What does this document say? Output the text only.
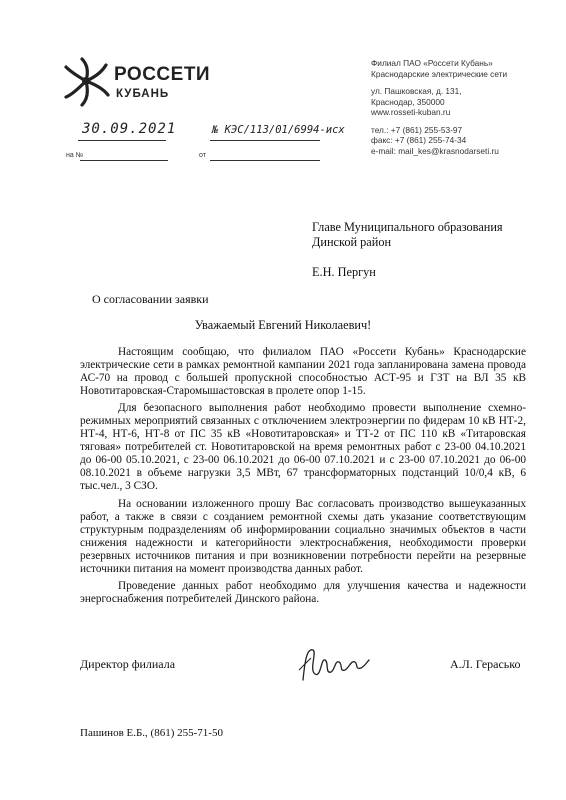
РОССЕТИ
КУБАНЬ
Филиал ПАО «Россети Кубань»
Краснодарские электрические сети
ул. Пашковская, д. 131,
Краснодар, 350000
www.rosseti-kuban.ru
тел.: +7 (861) 255-53-97
факс: +7 (861) 255-74-34
e-mail: mail_kes@krasnodarseti.ru
30.09.2021	№ КЭС/113/01/6994-исх
на №	от
Главе Муниципального образования
Динской район
Е.Н. Пергун
О согласовании заявки
Уважаемый Евгений Николаевич!

Настоящим сообщаю, что филиалом ПАО «Россети Кубань» Краснодарские электрические сети в рамках ремонтной кампании 2021 года запланирована замена провода АС-70 на провод с большей пропускной способностью АСТ-95 и ГЗТ на ВЛ 35 кВ Новотитаровская-Старомышастовская в пролете опор 1-15.

Для безопасного выполнения работ необходимо провести выполнение схемно-режимных мероприятий связанных с отключением электроэнергии по фидерам 10 кВ НТ-2, НТ-4, НТ-6, НТ-8 от ПС 35 кВ «Новотитаровская» и ТТ-2 от ПС 110 кВ «Титаровская тяговая» потребителей ст. Новотитаровской на время ремонтных работ с 23-00 04.10.2021 до 06-00 05.10.2021, с 23-00 06.10.2021 до 06-00 07.10.2021 и с 23-00 07.10.2021 до 06-00 08.10.2021 в объеме нагрузки 3,5 МВт, 67 трансформаторных подстанций 10/0,4 кВ, 6 тыс.чел., 3 СЗО.

На основании изложенного прошу Вас согласовать производство вышеуказанных работ, а также в связи с созданием ремонтной схемы дать указание соответствующим структурным подразделениям об информировании социально значимых объектов в части снижения надежности и категорийности электроснабжения, необходимости проверки резервных источников питания и при возникновении потребности перейти на резервные источники питания на момент производства данных работ.

Проведение данных работ необходимо для улучшения качества и надежности энергоснабжения потребителей Динского района.

Директор филиала	А.Л. Гераcько
Пашинов Е.Б., (861) 255-71-50
